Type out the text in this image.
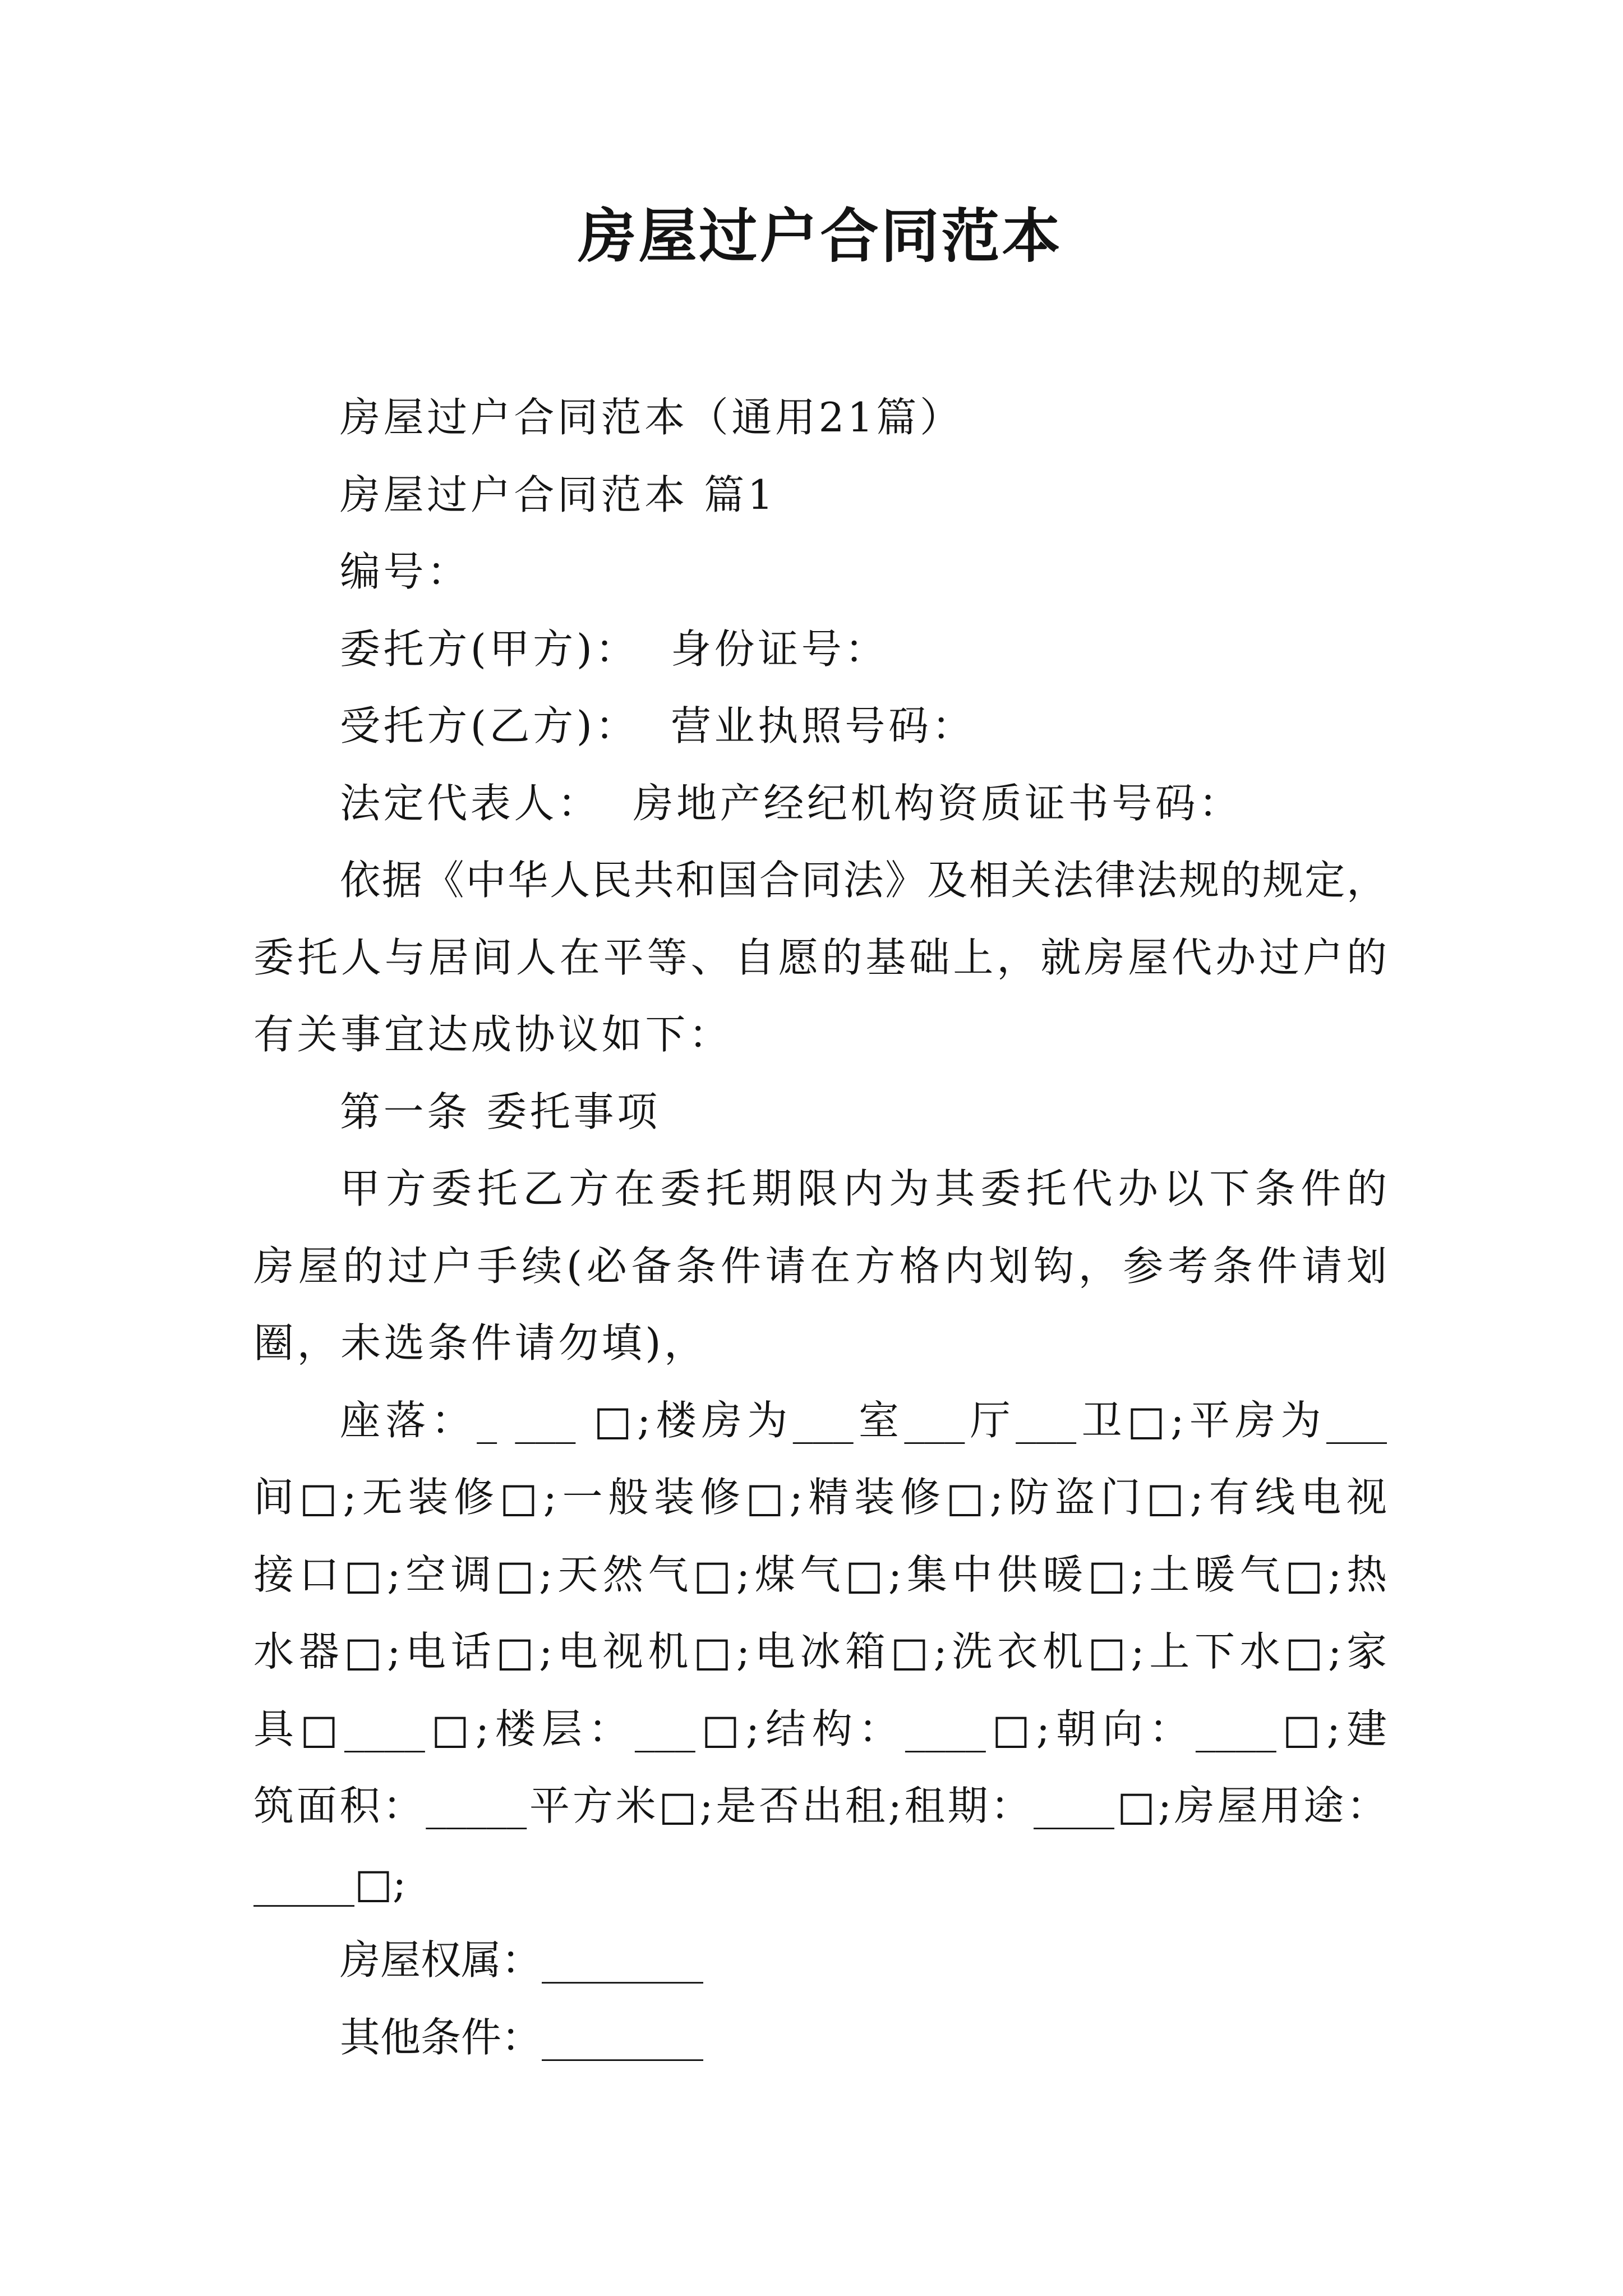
房屋过户合同范本
房屋过户合同范本（通用21篇）
房屋过户合同范本 篇1
编号：
委托方(甲方)：  身份证号：
受托方(乙方)：  营业执照号码：
法定代表人：  房地产经纪机构资质证书号码：
依据《中华人民共和国合同法》及相关法律法规的规定，
委托人与居间人在平等、自愿的基础上，就房屋代办过户的
有关事宜达成协议如下：
第一条 委托事项
甲方委托乙方在委托期限内为其委托代办以下条件的
房屋的过户手续(必备条件请在方格内划钩，参考条件请划
圈，未选条件请勿填)，
座落：_ ___ □;楼房为___室___厅___卫□;平房为___
间□;无装修□;一般装修□;精装修□;防盗门□;有线电视
接口□;空调□;天然气□;煤气□;集中供暖□;土暖气□;热
水器□;电话□;电视机□;电冰箱□;洗衣机□;上下水□;家
具□____□;楼层：___□;结构：____□;朝向：____□;建
筑面积：_____平方米□;是否出租;租期：____□;房屋用途：
_____□;
房屋权属：________
其他条件：________
